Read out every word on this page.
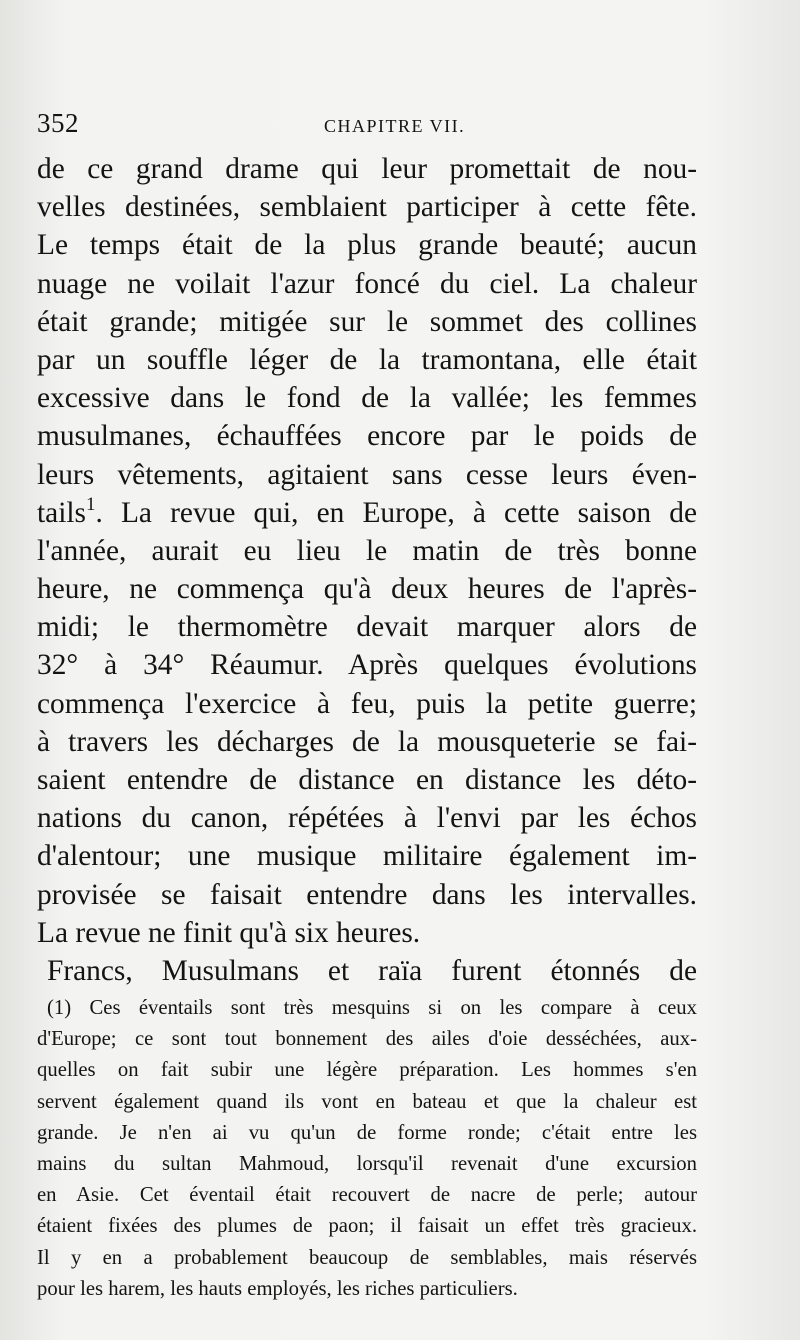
352	CHAPITRE VII.
de ce grand drame qui leur promettait de nou-
velles destinées, semblaient participer à cette fête.
Le temps était de la plus grande beauté; aucun
nuage ne voilait l'azur foncé du ciel. La chaleur
était grande; mitigée sur le sommet des collines
par un souffle léger de la tramontana, elle était
excessive dans le fond de la vallée; les femmes
musulmanes, échauffées encore par le poids de
leurs vêtements, agitaient sans cesse leurs éven-
tails$^1$. La revue qui, en Europe, à cette saison de
l'année, aurait eu lieu le matin de très bonne
heure, ne commença qu'à deux heures de l'après-
midi; le thermomètre devait marquer alors de
32° à 34° Réaumur. Après quelques évolutions
commença l'exercice à feu, puis la petite guerre;
à travers les décharges de la mousqueterie se fai-
saient entendre de distance en distance les déto-
nations du canon, répétées à l'envi par les échos
d'alentour; une musique militaire également im-
provisée se faisait entendre dans les intervalles.
La revue ne finit qu'à six heures.
Francs, Musulmans et raïa furent étonnés de
(1) Ces éventails sont très mesquins si on les compare à ceux
d'Europe; ce sont tout bonnement des ailes d'oie desséchées, aux-
quelles on fait subir une légère préparation. Les hommes s'en
servent également quand ils vont en bateau et que la chaleur est
grande. Je n'en ai vu qu'un de forme ronde; c'était entre les
mains du sultan Mahmoud, lorsqu'il revenait d'une excursion
en Asie. Cet éventail était recouvert de nacre de perle; autour
étaient fixées des plumes de paon; il faisait un effet très gracieux.
Il y en a probablement beaucoup de semblables, mais réservés
pour les harem, les hauts employés, les riches particuliers.
